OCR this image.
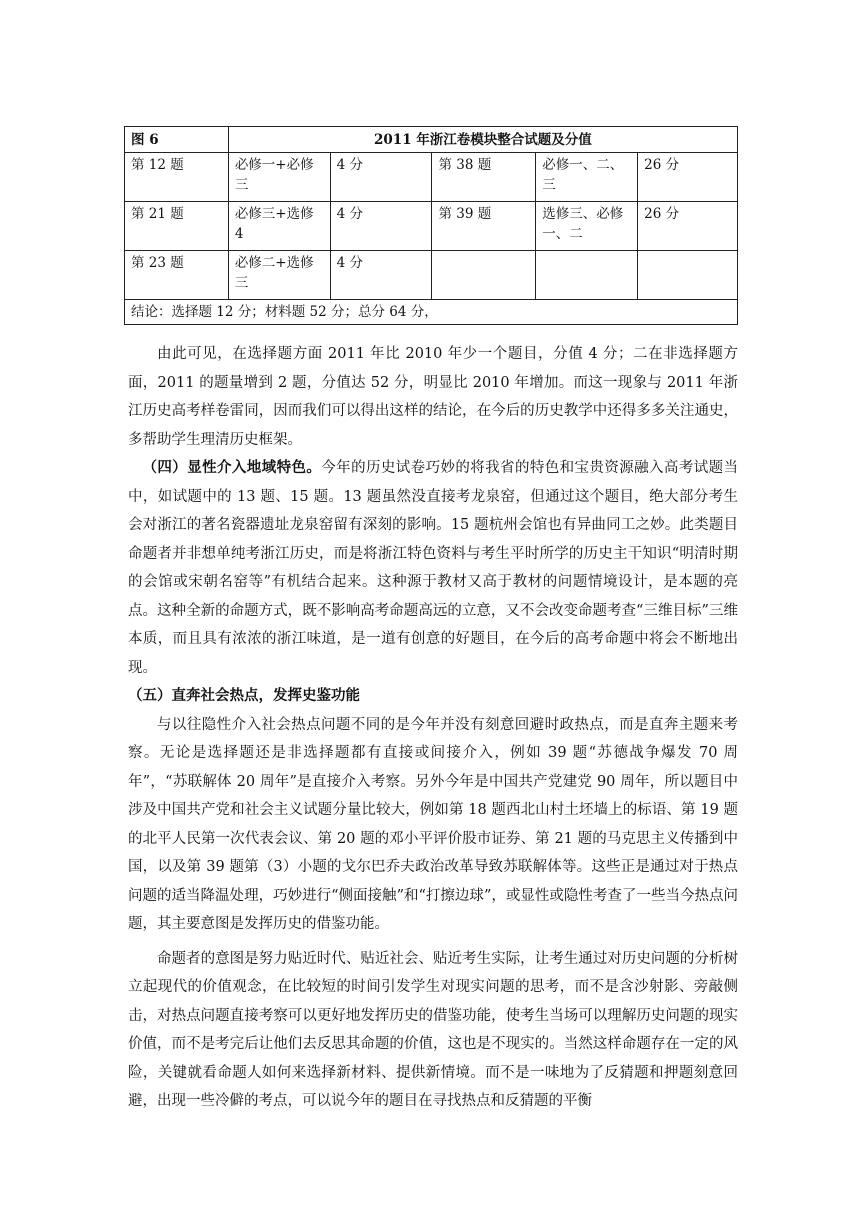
图 6	2011 年浙江卷模块整合试题及分值				
第 12 题	必修一+必修三	4 分	第 38 题	必修一、二、三	26 分
第 21 题	必修三+选修 4	4 分	第 39 题	选修三、必修一、二	26 分
第 23 题	必修二+选修三	4 分			
结论：选择题 12 分；材料题 52 分；总分 64 分，					

由此可见，在选择题方面 2011 年比 2010 年少一个题目，分值 4 分；二在非选择题方面，2011 的题量增到 2 题，分值达 52 分，明显比 2010 年增加。而这一现象与 2011 年浙江历史高考样卷雷同，因而我们可以得出这样的结论，在今后的历史教学中还得多多关注通史，多帮助学生理清历史框架。

（四）显性介入地域特色。今年的历史试卷巧妙的将我省的特色和宝贵资源融入高考试题当中，如试题中的 13 题、15 题。13 题虽然没直接考龙泉窑，但通过这个题目，绝大部分考生会对浙江的著名瓷器遗址龙泉窑留有深刻的影响。15 题杭州会馆也有异曲同工之妙。此类题目命题者并非想单纯考浙江历史，而是将浙江特色资料与考生平时所学的历史主干知识“明清时期的会馆或宋朝名窑等”有机结合起来。这种源于教材又高于教材的问题情境设计，是本题的亮点。这种全新的命题方式，既不影响高考命题高远的立意，又不会改变命题考查“三维目标”三维本质，而且具有浓浓的浙江味道，是一道有创意的好题目，在今后的高考命题中将会不断地出现。

（五）直奔社会热点，发挥史鉴功能

与以往隐性介入社会热点问题不同的是今年并没有刻意回避时政热点，而是直奔主题来考察。无论是选择题还是非选择题都有直接或间接介入，例如 39 题“苏德战争爆发 70 周年”，“苏联解体 20 周年”是直接介入考察。另外今年是中国共产党建党 90 周年，所以题目中涉及中国共产党和社会主义试题分量比较大，例如第 18 题西北山村土坯墙上的标语、第 19 题的北平人民第一次代表会议、第 20 题的邓小平评价股市证券、第 21 题的马克思主义传播到中国，以及第 39 题第（3）小题的戈尔巴乔夫政治改革导致苏联解体等。这些正是通过对于热点问题的适当降温处理，巧妙进行“侧面接触”和“打擦边球”，或显性或隐性考查了一些当今热点问题，其主要意图是发挥历史的借鉴功能。

命题者的意图是努力贴近时代、贴近社会、贴近考生实际，让考生通过对历史问题的分析树立起现代的价值观念，在比较短的时间引发学生对现实问题的思考，而不是含沙射影、旁敲侧击，对热点问题直接考察可以更好地发挥历史的借鉴功能，使考生当场可以理解历史问题的现实价值，而不是考完后让他们去反思其命题的价值，这也是不现实的。当然这样命题存在一定的风险，关键就看命题人如何来选择新材料、提供新情境。而不是一味地为了反猜题和押题刻意回避，出现一些冷僻的考点，可以说今年的题目在寻找热点和反猜题的平衡
